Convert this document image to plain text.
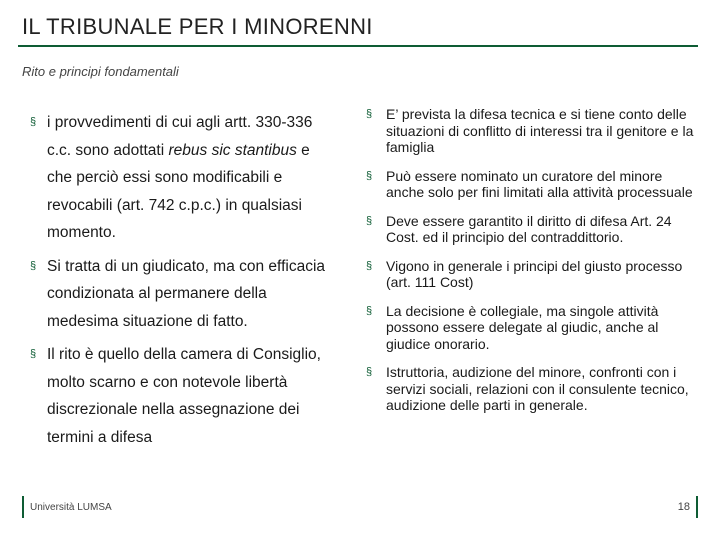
IL TRIBUNALE PER I MINORENNI
Rito e principi fondamentali
§ i provvedimenti di cui agli artt. 330-336 c.c. sono adottati rebus sic stantibus e che perciò essi sono modificabili e revocabili (art. 742 c.p.c.) in qualsiasi momento.
§ Si tratta di un giudicato, ma con efficacia condizionata al permanere della medesima situazione di fatto.
§ Il rito è quello della camera di Consiglio, molto scarno e con notevole libertà discrezionale nella assegnazione dei termini a difesa
§ E’ prevista la difesa tecnica e si tiene conto delle situazioni di conflitto di interessi tra il genitore e la famiglia
§ Può essere nominato un curatore del minore anche solo per fini limitati alla attività processuale
§ Deve essere garantito il diritto di difesa Art. 24 Cost. ed il principio del contraddittorio.
§ Vigono in generale i principi del giusto processo (art. 111 Cost)
§ La decisione è collegiale, ma singole attività possono essere delegate al giudic, anche al giudice onorario.
§ Istruttoria, audizione del minore, confronti con i servizi sociali, relazioni con il consulente tecnico, audizione delle parti in generale.
Università LUMSA	18
